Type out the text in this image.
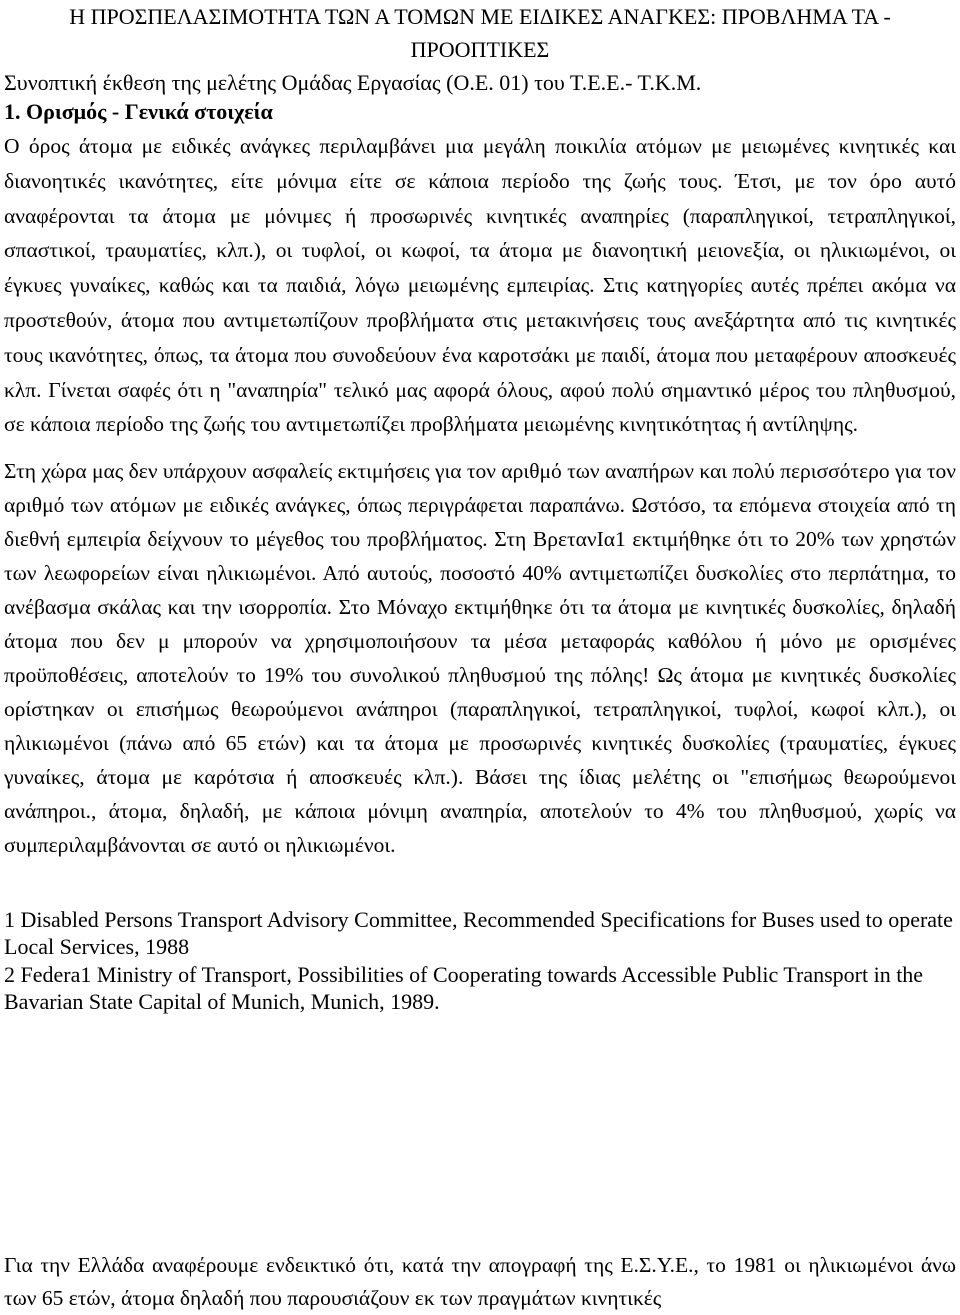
Η ΠΡΟΣΠΕΛΑΣΙΜΟΤΗΤΑ ΤΩΝ Α ΤΟΜΩΝ ΜΕ ΕΙΔΙΚΕΣ ΑΝΑΓΚΕΣ: ΠΡΟΒΛΗΜΑ ΤΑ - ΠΡΟΟΠΤΙΚΕΣ

Συνοπτική έκθεση της μελέτης Ομάδας Εργασίας (Ο.Ε. 01) του Τ.Ε.Ε.- Τ.Κ.Μ.

1. Ορισμός - Γενικά στοιχεία

Ο όρος άτομα με ειδικές ανάγκες περιλαμβάνει μια μεγάλη ποικιλία ατόμων με μειωμένες κινητικές και διανοητικές ικανότητες, είτε μόνιμα είτε σε κάποια περίοδο της ζωής τους. Έτσι, με τον όρο αυτό αναφέρονται τα άτομα με μόνιμες ή προσωρινές κινητικές αναπηρίες (παραπληγικοί, τετραπληγικοί, σπαστικοί, τραυματίες, κλπ.), οι τυφλοί, οι κωφοί, τα άτομα με διανοητική μειονεξία, οι ηλικιωμένοι, οι έγκυες γυναίκες, καθώς και τα παιδιά, λόγω μειωμένης εμπειρίας. Στις κατηγορίες αυτές πρέπει ακόμα να προστεθούν, άτομα που αντιμετωπίζουν προβλήματα στις μετακινήσεις τους ανεξάρτητα από τις κινητικές τους ικανότητες, όπως, τα άτομα που συνοδεύουν ένα καροτσάκι με παιδί, άτομα που μεταφέρουν αποσκευές κλπ. Γίνεται σαφές ότι η "αναπηρία" τελικό μας αφορά όλους, αφού πολύ σημαντικό μέρος του πληθυσμού, σε κάποια περίοδο της ζωής του αντιμετωπίζει προβλήματα μειωμένης κινητικότητας ή αντίληψης.

Στη χώρα μας δεν υπάρχουν ασφαλείς εκτιμήσεις για τον αριθμό των αναπήρων και πολύ περισσότερο για τον αριθμό των ατόμων με ειδικές ανάγκες, όπως περιγράφεται παραπάνω. Ωστόσο, τα επόμενα στοιχεία από τη διεθνή εμπειρία δείχνουν το μέγεθος του προβλήματος. Στη ΒρετανΙα1 εκτιμήθηκε ότι το 20% των χρηστών των λεωφορείων είναι ηλικιωμένοι. Από αυτούς, ποσοστό 40% αντιμετωπίζει δυσκολίες στο περπάτημα, το ανέβασμα σκάλας και την ισορροπία. Στο Μόναχο εκτιμήθηκε ότι τα άτομα με κινητικές δυσκολίες, δηλαδή άτομα που δεν μ μπορούν να χρησιμοποιήσουν τα μέσα μεταφοράς καθόλου ή μόνο με ορισμένες προϋποθέσεις, αποτελούν το 19% του συνολικού πληθυσμού της πόλης! Ως άτομα με κινητικές δυσκολίες ορίστηκαν οι επισήμως θεωρούμενοι ανάπηροι (παραπληγικοί, τετραπληγικοί, τυφλοί, κωφοί κλπ.), οι ηλικιωμένοι (πάνω από 65 ετών) και τα άτομα με προσωρινές κινητικές δυσκολίες (τραυματίες, έγκυες γυναίκες, άτομα με καρότσια ή αποσκευές κλπ.). Βάσει της ίδιας μελέτης οι "επισήμως θεωρούμενοι ανάπηροι., άτομα, δηλαδή, με κάποια μόνιμη αναπηρία, αποτελούν το 4% του πληθυσμού, χωρίς να συμπεριλαμβάνονται σε αυτό οι ηλικιωμένοι.

1 Disabled Persons Transport Advisory Committee, Recommended Specifications for Buses used to operate Local Services, 1988

2 Federa1 Ministry of Transport, Possibilities of Cooperating towards Accessible Public Transport in the Bavarian State Capital of Munich, Munich, 1989.

Για την Ελλάδα αναφέρουμε ενδεικτικό ότι, κατά την απογραφή της Ε.Σ.Υ.Ε., το 1981 οι ηλικιωμένοι άνω των 65 ετών, άτομα δηλαδή που παρουσιάζουν εκ των πραγμάτων κινητικές
